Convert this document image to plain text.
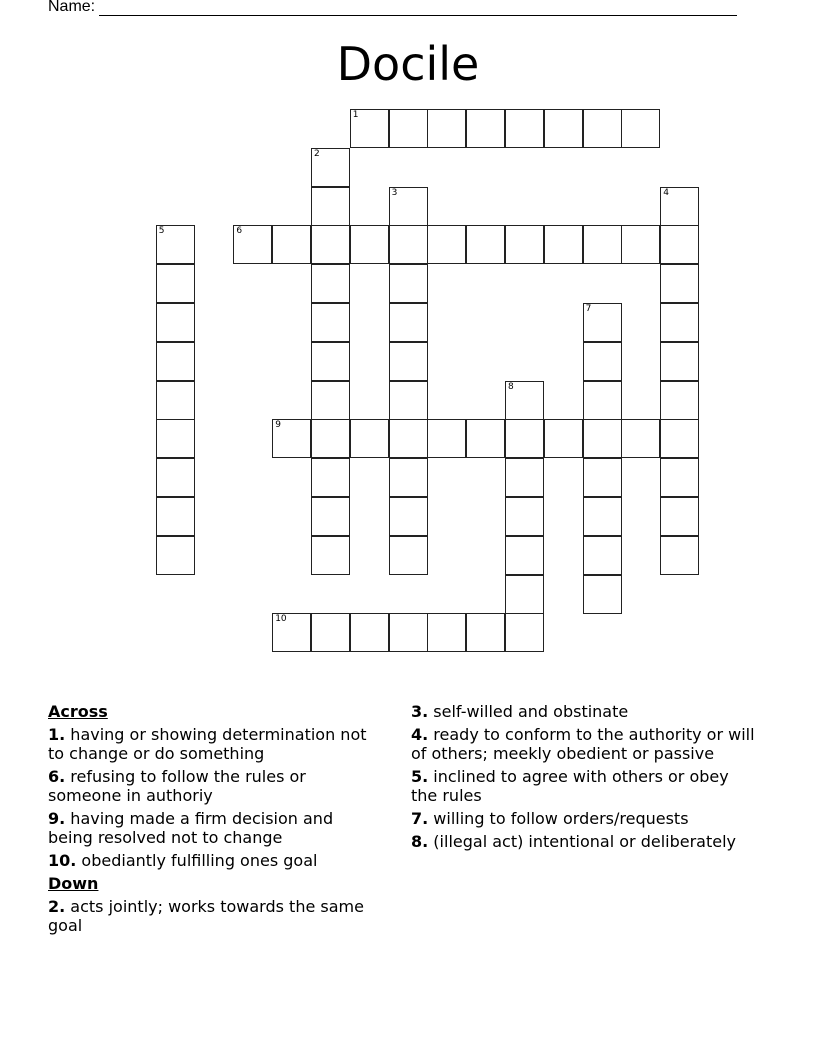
Name:
Docile
1
2
3	4
5	6
7
8
9
10
Across
1. having or showing determination not to change or do something
6. refusing to follow the rules or someone in authoriy
9. having made a firm decision and being resolved not to change
10. obediantly fulfilling ones goal
Down
2. acts jointly; works towards the same goal
3. self-willed and obstinate
4. ready to conform to the authority or will of others; meekly obedient or passive
5. inclined to agree with others or obey the rules
7. willing to follow orders/requests
8. (illegal act) intentional or deliberately
